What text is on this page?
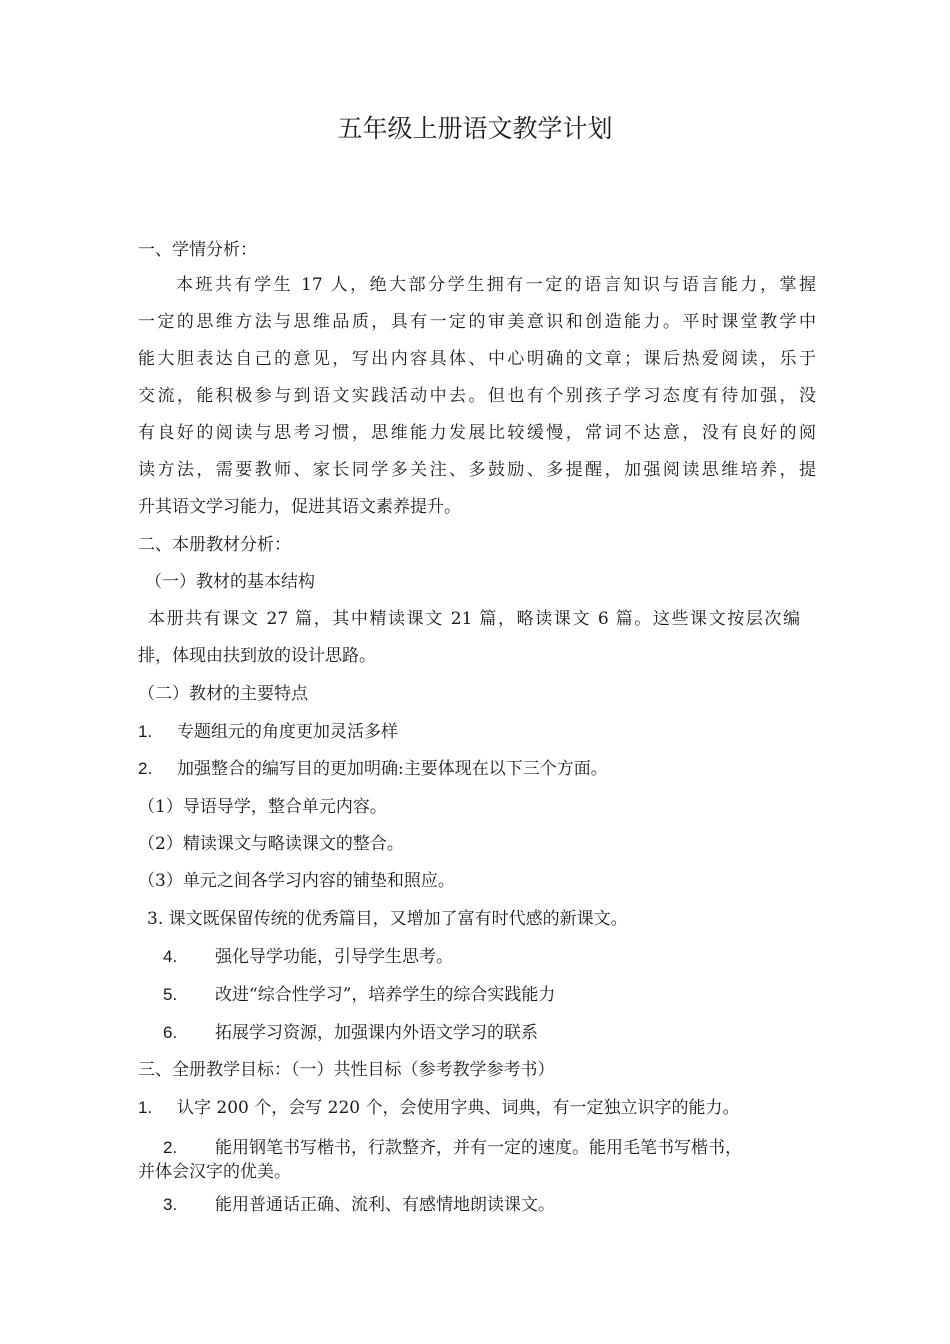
五年级上册语文教学计划
一、学情分析：
本班共有学生 17 人，绝大部分学生拥有一定的语言知识与语言能力，掌握
一定的思维方法与思维品质，具有一定的审美意识和创造能力。平时课堂教学中
能大胆表达自己的意见，写出内容具体、中心明确的文章；课后热爱阅读，乐于
交流，能积极参与到语文实践活动中去。但也有个别孩子学习态度有待加强，没
有良好的阅读与思考习惯，思维能力发展比较缓慢，常词不达意，没有良好的阅
读方法，需要教师、家长同学多关注、多鼓励、多提醒，加强阅读思维培养，提
升其语文学习能力，促进其语文素养提升。
二、本册教材分析：
（一）教材的基本结构
本册共有课文 27 篇，其中精读课文 21 篇，略读课文 6 篇。这些课文按层次编
排，体现由扶到放的设计思路。
（二）教材的主要特点
1. 专题组元的角度更加灵活多样
2. 加强整合的编写目的更加明确:主要体现在以下三个方面。
（1）导语导学，整合单元内容。
（2）精读课文与略读课文的整合。
（3）单元之间各学习内容的铺垫和照应。
3. 课文既保留传统的优秀篇目，又增加了富有时代感的新课文。
4. 强化导学功能，引导学生思考。
5. 改进“综合性学习”，培养学生的综合实践能力
6. 拓展学习资源，加强课内外语文学习的联系
三、全册教学目标：（一）共性目标（参考教学参考书）
1. 认字 200 个，会写 220 个，会使用字典、词典，有一定独立识字的能力。
2. 能用钢笔书写楷书，行款整齐，并有一定的速度。能用毛笔书写楷书，
并体会汉字的优美。
3. 能用普通话正确、流利、有感情地朗读课文。
